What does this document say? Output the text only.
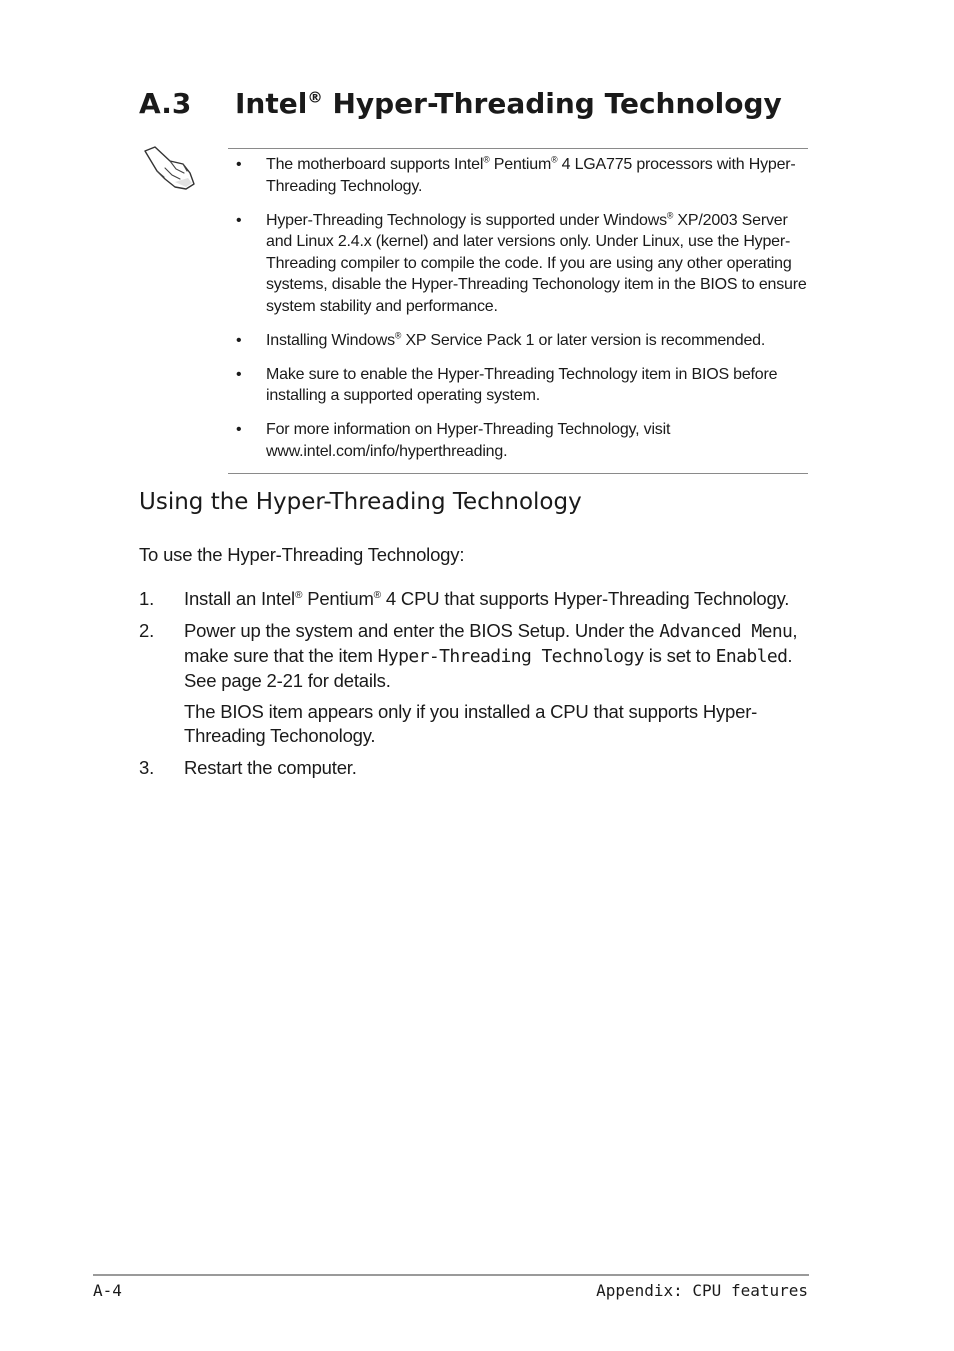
A.3 Intel® Hyper-Threading Technology
• The motherboard supports Intel® Pentium® 4 LGA775 processors with Hyper-Threading Technology.
• Hyper-Threading Technology is supported under Windows® XP/2003 Server and Linux 2.4.x (kernel) and later versions only. Under Linux, use the Hyper-Threading compiler to compile the code. If you are using any other operating systems, disable the Hyper-Threading Techonology item in the BIOS to ensure system stability and performance.
• Installing Windows® XP Service Pack 1 or later version is recommended.
• Make sure to enable the Hyper-Threading Technology item in BIOS before installing a supported operating system.
• For more information on Hyper-Threading Technology, visit www.intel.com/info/hyperthreading.
Using the Hyper-Threading Technology

To use the Hyper-Threading Technology:

1. Install an Intel® Pentium® 4 CPU that supports Hyper-Threading Technology.

2. Power up the system and enter the BIOS Setup. Under the Advanced Menu, make sure that the item Hyper-Threading Technology is set to Enabled. See page 2-21 for details.

The BIOS item appears only if you installed a CPU that supports Hyper-Threading Techonology.

3. Restart the computer.

A-4	Appendix: CPU features
